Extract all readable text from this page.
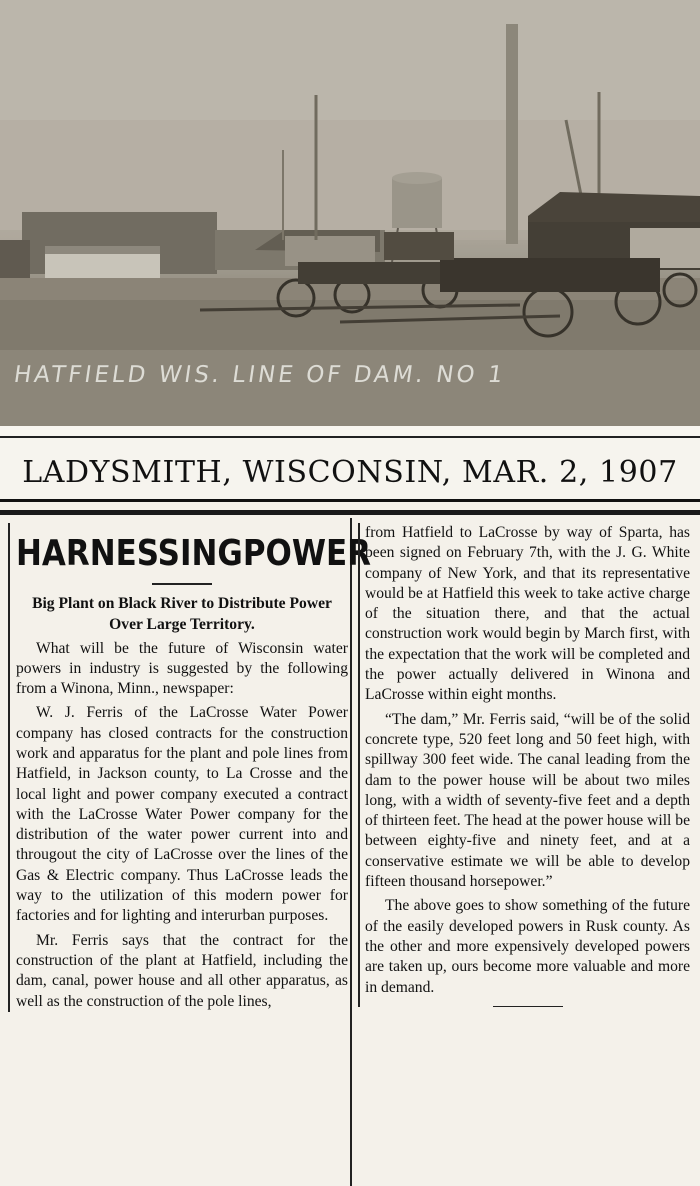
HATFIELD WIS. LINE OF DAM. NO 1
LADYSMITH, WISCONSIN, MAR. 2, 1907
HARNESSING POWER
Big Plant on Black River to Distribute Power Over Large Territory.

What will be the future of Wisconsin water powers in industry is suggested by the following from a Winona, Minn., newspaper:

W. J. Ferris of the LaCrosse Water Power company has closed contracts for the construction work and apparatus for the plant and pole lines from Hatfield, in Jackson county, to La Crosse and the local light and power company executed a contract with the LaCrosse Water Power company for the distribution of the water power current into and througout the city of LaCrosse over the lines of the Gas & Electric company. Thus LaCrosse leads the way to the utilization of this modern power for factories and for lighting and interurban purposes.

Mr. Ferris says that the contract for the construction of the plant at Hatfield, including the dam, canal, power house and all other apparatus, as well as the construction of the pole lines,

from Hatfield to LaCrosse by way of Sparta, has been signed on February 7th, with the J. G. White company of New York, and that its representative would be at Hatfield this week to take active charge of the situation there, and that the actual construction work would begin by March first, with the expectation that the work will be completed and the power actually delivered in Winona and LaCrosse within eight months.

“The dam,” Mr. Ferris said, “will be of the solid concrete type, 520 feet long and 50 feet high, with spillway 300 feet wide. The canal leading from the dam to the power house will be about two miles long, with a width of seventy-five feet and a depth of thirteen feet. The head at the power house will be between eighty-five and ninety feet, and at a conservative estimate we will be able to develop fifteen thousand horsepower.”

The above goes to show something of the future of the easily developed powers in Rusk county. As the other and more expensively developed powers are taken up, ours become more valuable and more in demand.
